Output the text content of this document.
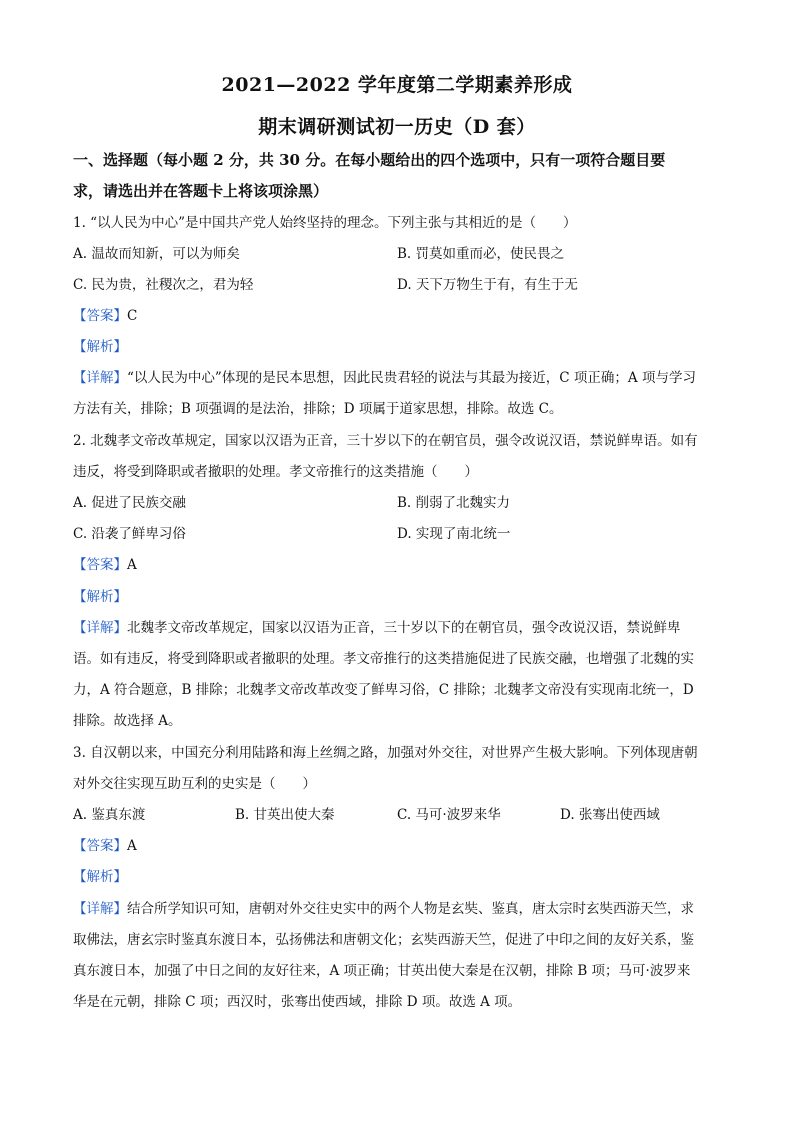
2021—2022 学年度第二学期素养形成
期末调研测试初一历史（D 套）
一、选择题（每小题 2 分，共 30 分。在每小题给出的四个选项中，只有一项符合题目要
求，请选出并在答题卡上将该项涂黑）
1. “以人民为中心”是中国共产党人始终坚持的理念。下列主张与其相近的是（　　）
A. 温故而知新，可以为师矣	B. 罚莫如重而必，使民畏之
C. 民为贵，社稷次之，君为轻	D. 天下万物生于有，有生于无
【答案】C
【解析】
【详解】“以人民为中心”体现的是民本思想，因此民贵君轻的说法与其最为接近，C 项正确；A 项与学习
方法有关，排除；B 项强调的是法治，排除；D 项属于道家思想，排除。故选 C。
2. 北魏孝文帝改革规定，国家以汉语为正音，三十岁以下的在朝官员，强令改说汉语，禁说鲜卑语。如有
违反，将受到降职或者撤职的处理。孝文帝推行的这类措施（　　）
A. 促进了民族交融	B. 削弱了北魏实力
C. 沿袭了鲜卑习俗	D. 实现了南北统一
【答案】A
【解析】
【详解】北魏孝文帝改革规定，国家以汉语为正音，三十岁以下的在朝官员，强令改说汉语，禁说鲜卑
语。如有违反，将受到降职或者撤职的处理。孝文帝推行的这类措施促进了民族交融，也增强了北魏的实
力，A 符合题意，B 排除；北魏孝文帝改革改变了鲜卑习俗，C 排除；北魏孝文帝没有实现南北统一，D
排除。故选择 A。
3. 自汉朝以来，中国充分利用陆路和海上丝绸之路，加强对外交往，对世界产生极大影响。下列体现唐朝
对外交往实现互助互利的史实是（　　）
A. 鉴真东渡	B. 甘英出使大秦	C. 马可·波罗来华	D. 张骞出使西域
【答案】A
【解析】
【详解】结合所学知识可知，唐朝对外交往史实中的两个人物是玄奘、鉴真，唐太宗时玄奘西游天竺，求
取佛法，唐玄宗时鉴真东渡日本，弘扬佛法和唐朝文化；玄奘西游天竺，促进了中印之间的友好关系，鉴
真东渡日本，加强了中日之间的友好往来，A 项正确；甘英出使大秦是在汉朝，排除 B 项；马可·波罗来
华是在元朝，排除 C 项；西汉时，张骞出使西域，排除 D 项。故选 A 项。
